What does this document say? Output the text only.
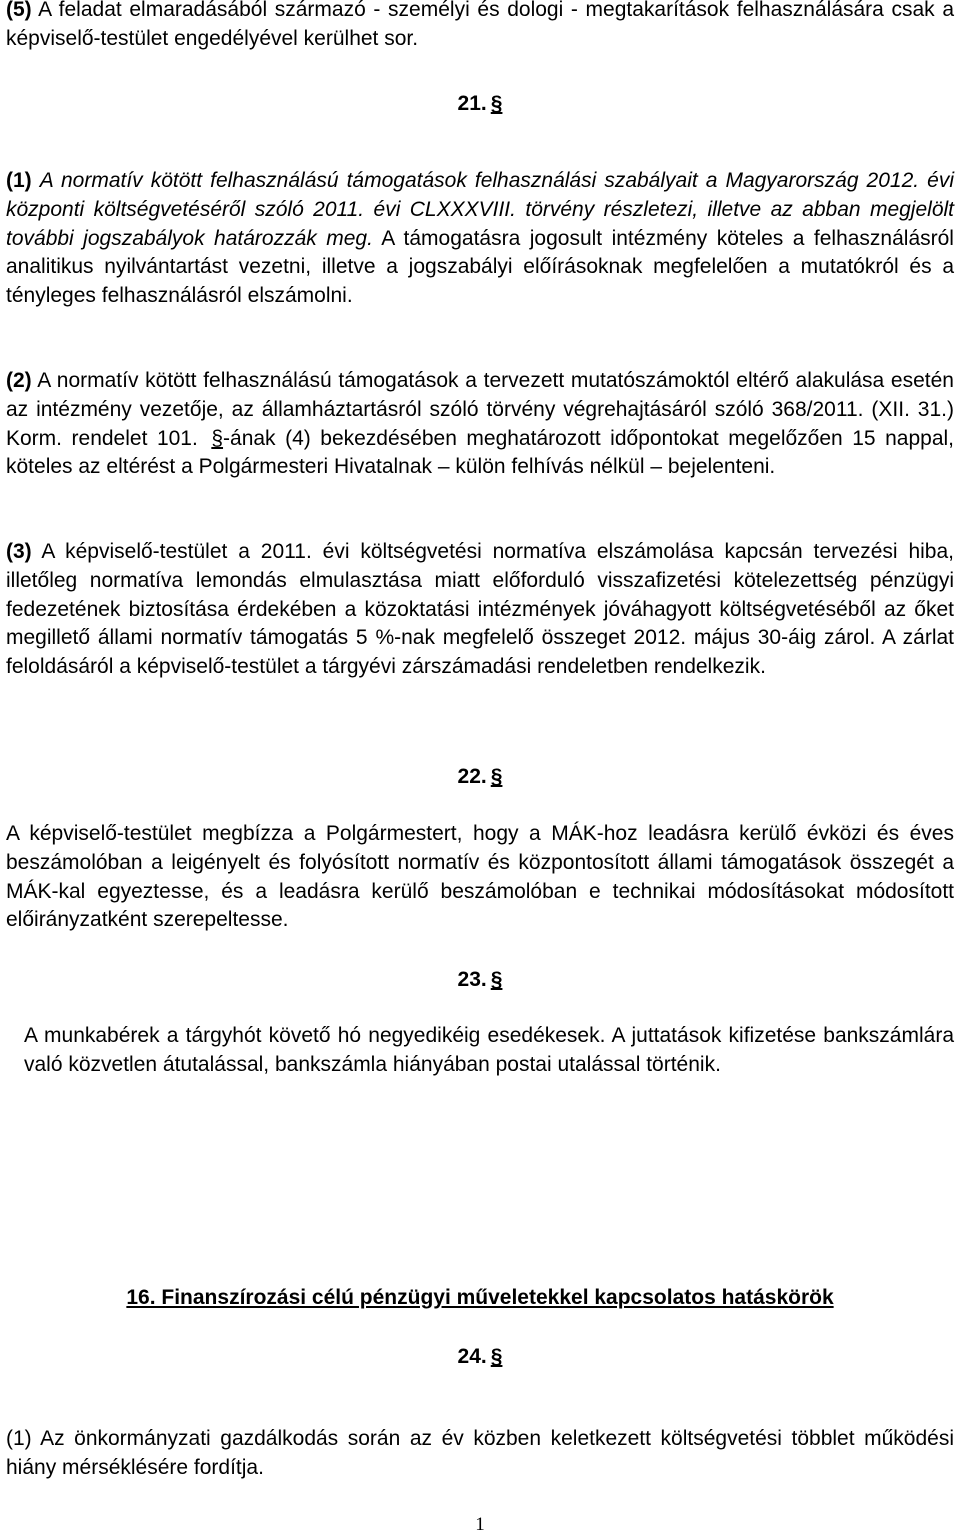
(5) A feladat elmaradásából származó - személyi és dologi - megtakarítások felhasználására csak a képviselő-testület engedélyével kerülhet sor.

21. §

(1) A normatív kötött felhasználású támogatások felhasználási szabályait a Magyarország 2012. évi központi költségvetéséről szóló 2011. évi CLXXXVIII. törvény részletezi, illetve az abban megjelölt további jogszabályok határozzák meg. A támogatásra jogosult intézmény köteles a felhasználásról analitikus nyilvántartást vezetni, illetve a jogszabályi előírásoknak megfelelően a mutatókról és a tényleges felhasználásról elszámolni.

(2) A normatív kötött felhasználású támogatások a tervezett mutatószámoktól eltérő alakulása esetén az intézmény vezetője, az államháztartásról szóló törvény végrehajtásáról szóló 368/2011. (XII. 31.) Korm. rendelet 101. §-ának (4) bekezdésében meghatározott időpontokat megelőzően 15 nappal, köteles az eltérést a Polgármesteri Hivatalnak – külön felhívás nélkül – bejelenteni.

(3) A képviselő-testület a 2011. évi költségvetési normatíva elszámolása kapcsán tervezési hiba, illetőleg normatíva lemondás elmulasztása miatt előforduló visszafizetési kötelezettség pénzügyi fedezetének biztosítása érdekében a közoktatási intézmények jóváhagyott költségvetéséből az őket megillető állami normatív támogatás 5 %-nak megfelelő összeget 2012. május 30-áig zárol. A zárlat feloldásáról a képviselő-testület a tárgyévi zárszámadási rendeletben rendelkezik.

22. §

A képviselő-testület megbízza a Polgármestert, hogy a MÁK-hoz leadásra kerülő évközi és éves beszámolóban a leigényelt és folyósított normatív és központosított állami támogatások összegét a MÁK-kal egyeztesse, és a leadásra kerülő beszámolóban e technikai módosításokat módosított előirányzatként szerepeltesse.

23. §

A munkabérek a tárgyhót követő hó negyedikéig esedékesek. A juttatások kifizetése bankszámlára való közvetlen átutalással, bankszámla hiányában postai utalással történik.

16. Finanszírozási célú pénzügyi műveletekkel kapcsolatos hatáskörök
24. §

(1) Az önkormányzati gazdálkodás során az év közben keletkezett költségvetési többlet működési hiány mérséklésére fordítja.

1
